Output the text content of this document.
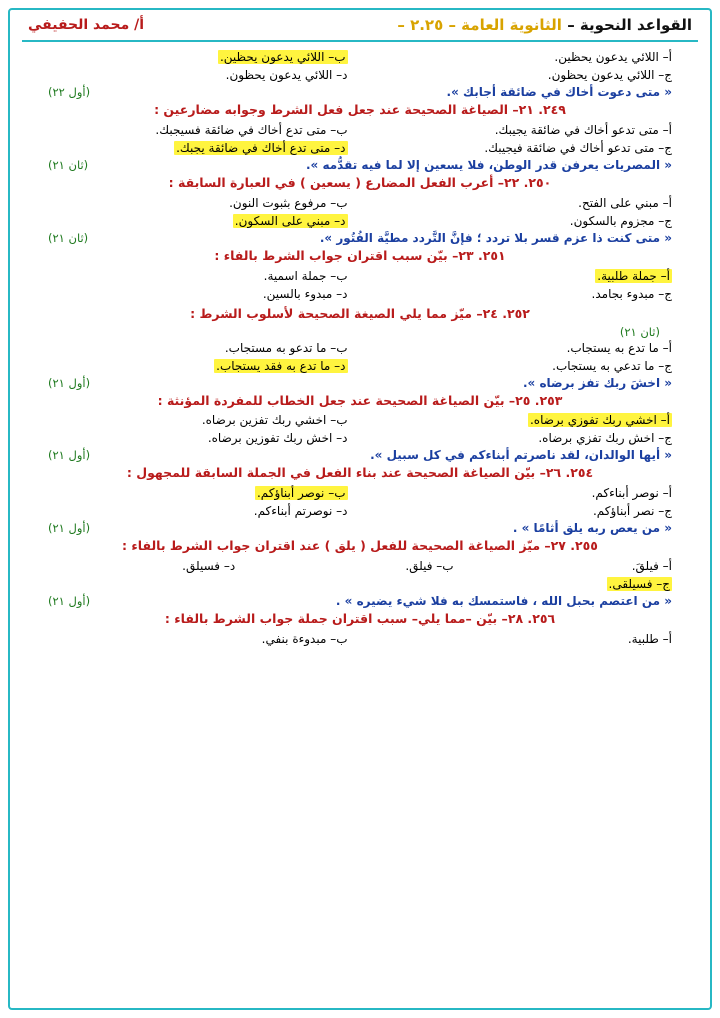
القواعد النحوية – الثانوية العامة – ٢.٢٥ –
أ/ محمد الحفيفي
أ– اللائي يدعون يحظين.
ب– اللائي يدعون يحظين.
ج– اللائي يدعون يحظون.
د– اللائي يدعون يحظون.
« متى دعوت أخاك في ضائقة أجابك ».
(أول ٢٢)
٢٤٩. ٢١– الصياغة الصحيحة عند جعل فعل الشرط وجوابه مضارعين :
أ– متى تدعو أخاك في ضائقة يجيبك.
ب– متى تدع أخاك في ضائقة فسيجبك.
ج– متى تدعو أخاك في ضائقة فيجيبك.
د– متى تدع أخاك في ضائقة يجبك.
« المصريات يعرفن قدر الوطن، فلا يسعين إلا لما فيه تقدُّمه ».
(ثان ٢١)
٢٥٠. ٢٢– أعرب الفعل المضارع ( يسعين ) في العبارة السابقة :
أ– مبني على الفتح.
ب– مرفوع بثبوت النون.
ج– مجزوم بالسكون.
د– مبني على السكون.
« متى كنت ذا عزم قسر بلا تردد ؛ فإنَّ التَّردد مطيَّة الفُتُور ».
(ثان ٢١)
٢٥١. ٢٣– بيّن سبب اقتران جواب الشرط بالفاء :
أ– جملة طلبية.
ب– جملة اسمية.
ج– مبدوء بجامد.
د– مبدوء بالسين.
٢٥٢. ٢٤– ميّز مما يلي الصيغة الصحيحة لأسلوب الشرط :
(ثان ٢١)
أ– ما تدع به يستجاب.
ب– ما تدعو به مستجاب.
ج– ما تدعي به يستجاب.
د– ما تدع به فقد يستجاب.
« اخشَ ربك تفز برضاه ».
(أول ٢١)
٢٥٣. ٢٥– بيّن الصياغة الصحيحة عند جعل الخطاب للمفردة المؤنثة :
أ– اخشي ربك تفوزي برضاه.
ب– اخشي ربك تفزين برضاه.
ج– اخش ربك تفزي برضاه.
د– اخش ربك تفوزين برضاه.
« أيها الوالدان، لقد ناصرتم أبناءكم في كل سبيل ».
(أول ٢١)
٢٥٤. ٢٦– بيّن الصياغة الصحيحة عند بناء الفعل في الجملة السابقة للمجهول :
أ– نوصر أبناءكم.
ب– نوصر أبناؤكم.
ج– نصر أبناؤكم.
د– نوصرتم أبناءكم.
« من يعص ربه يلق أثامًا » .
(أول ٢١)
٢٥٥. ٢٧– ميّز الصياغة الصحيحة للفعل ( يلق ) عند اقتران جواب الشرط بالفاء :
أ– فيلقَ.
ب– فيلق.
د– فسيلق.
ج– فسيلقى.
« من اعتصم بحبل الله ، فاستمسك به فلا شيء يضيره » .
(أول ٢١)
٢٥٦. ٢٨– بيّن –مما يلي– سبب اقتران جملة جواب الشرط بالفاء :
أ– طلبية.
ب– مبدوءة بنفي.
